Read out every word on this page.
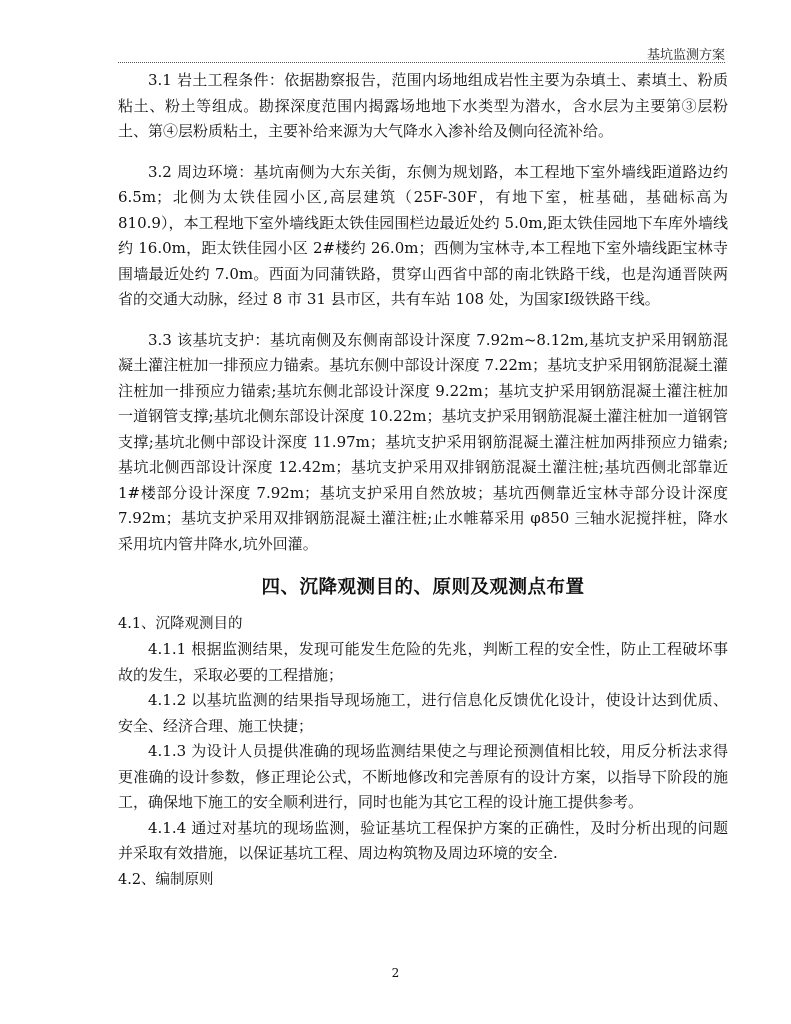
基坑监测方案

3.1 岩土工程条件：依据勘察报告，范围内场地组成岩性主要为杂填土、素填土、粉质粘土、粉土等组成。勘探深度范围内揭露场地地下水类型为潜水，含水层为主要第③层粉土、第④层粉质粘土，主要补给来源为大气降水入渗补给及侧向径流补给。

3.2 周边环境：基坑南侧为大东关街，东侧为规划路，本工程地下室外墙线距道路边约 6.5m；北侧为太铁佳园小区,高层建筑（25F-30F，有地下室，桩基础，基础标高为 810.9），本工程地下室外墙线距太铁佳园围栏边最近处约 5.0m,距太铁佳园地下车库外墙线约 16.0m，距太铁佳园小区 2#楼约 26.0m；西侧为宝林寺,本工程地下室外墙线距宝林寺围墙最近处约 7.0m。西面为同蒲铁路，贯穿山西省中部的南北铁路干线，也是沟通晋陕两省的交通大动脉，经过 8 市 31 县市区，共有车站 108 处，为国家Ⅰ级铁路干线。

3.3 该基坑支护：基坑南侧及东侧南部设计深度 7.92m~8.12m,基坑支护采用钢筋混凝土灌注桩加一排预应力锚索。基坑东侧中部设计深度 7.22m；基坑支护采用钢筋混凝土灌注桩加一排预应力锚索;基坑东侧北部设计深度 9.22m；基坑支护采用钢筋混凝土灌注桩加一道钢管支撑;基坑北侧东部设计深度 10.22m；基坑支护采用钢筋混凝土灌注桩加一道钢管支撑;基坑北侧中部设计深度 11.97m；基坑支护采用钢筋混凝土灌注桩加两排预应力锚索;基坑北侧西部设计深度 12.42m；基坑支护采用双排钢筋混凝土灌注桩;基坑西侧北部靠近 1#楼部分设计深度 7.92m；基坑支护采用自然放坡；基坑西侧靠近宝林寺部分设计深度 7.92m；基坑支护采用双排钢筋混凝土灌注桩;止水帷幕采用 φ850 三轴水泥搅拌桩，降水采用坑内管井降水,坑外回灌。

四、沉降观测目的、原则及观测点布置

4.1、沉降观测目的

4.1.1 根据监测结果，发现可能发生危险的先兆，判断工程的安全性，防止工程破坏事故的发生，采取必要的工程措施；

4.1.2 以基坑监测的结果指导现场施工，进行信息化反馈优化设计，使设计达到优质、安全、经济合理、施工快捷；

4.1.3 为设计人员提供准确的现场监测结果使之与理论预测值相比较，用反分析法求得更准确的设计参数，修正理论公式，不断地修改和完善原有的设计方案，以指导下阶段的施工，确保地下施工的安全顺利进行，同时也能为其它工程的设计施工提供参考。

4.1.4 通过对基坑的现场监测，验证基坑工程保护方案的正确性，及时分析出现的问题并采取有效措施，以保证基坑工程、周边构筑物及周边环境的安全.

4.2、编制原则

2
